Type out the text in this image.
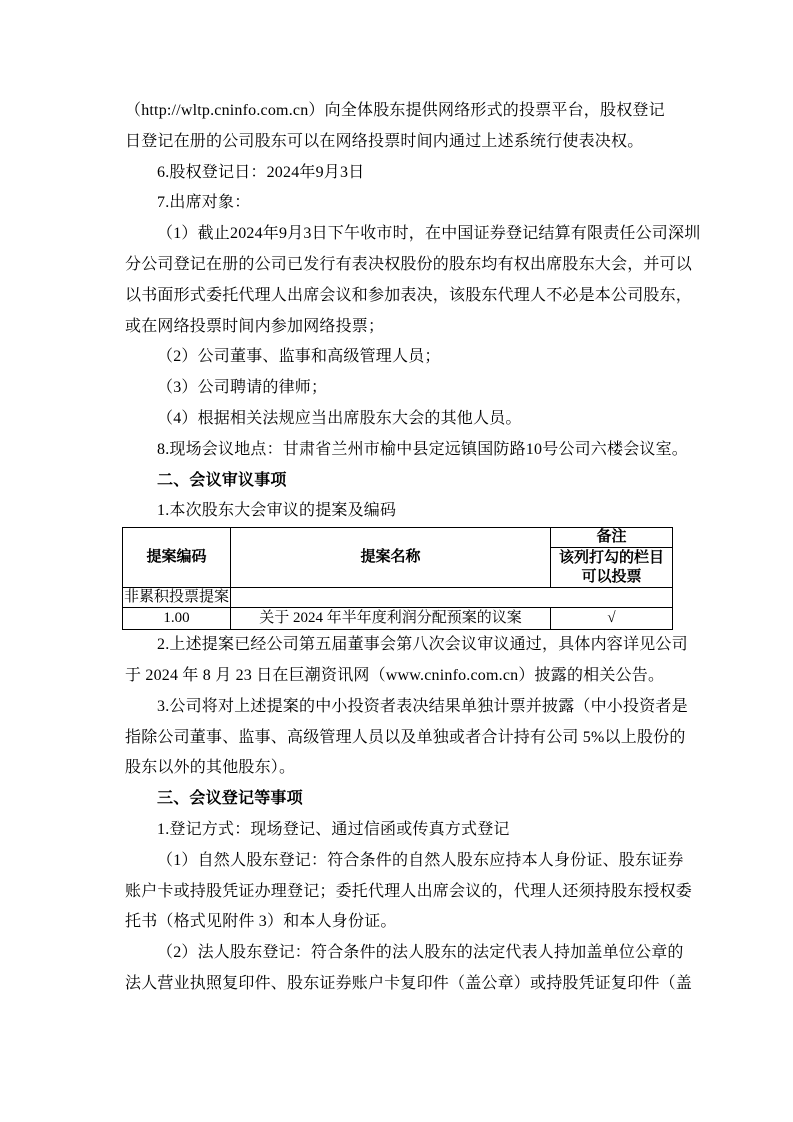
（http://wltp.cninfo.com.cn）向全体股东提供网络形式的投票平台，股权登记
日登记在册的公司股东可以在网络投票时间内通过上述系统行使表决权。
6.股权登记日：2024年9月3日
7.出席对象：
（1）截止2024年9月3日下午收市时，在中国证券登记结算有限责任公司深圳
分公司登记在册的公司已发行有表决权股份的股东均有权出席股东大会，并可以
以书面形式委托代理人出席会议和参加表决，该股东代理人不必是本公司股东，
或在网络投票时间内参加网络投票；
（2）公司董事、监事和高级管理人员；
（3）公司聘请的律师；
（4）根据相关法规应当出席股东大会的其他人员。
8.现场会议地点：甘肃省兰州市榆中县定远镇国防路10号公司六楼会议室。
二、会议审议事项
1.本次股东大会审议的提案及编码
提案编码	提案名称	备注

		该列打勾的栏目
可以投票

非累积投票提案		
1.00	关于 2024 年半年度利润分配预案的议案	√
2.上述提案已经公司第五届董事会第八次会议审议通过，具体内容详见公司
于 2024 年 8 月 23 日在巨潮资讯网（www.cninfo.com.cn）披露的相关公告。
3.公司将对上述提案的中小投资者表决结果单独计票并披露（中小投资者是
指除公司董事、监事、高级管理人员以及单独或者合计持有公司 5%以上股份的
股东以外的其他股东）。
三、会议登记等事项
1.登记方式：现场登记、通过信函或传真方式登记
（1）自然人股东登记：符合条件的自然人股东应持本人身份证、股东证券
账户卡或持股凭证办理登记；委托代理人出席会议的，代理人还须持股东授权委
托书（格式见附件 3）和本人身份证。
（2）法人股东登记：符合条件的法人股东的法定代表人持加盖单位公章的
法人营业执照复印件、股东证券账户卡复印件（盖公章）或持股凭证复印件（盖
